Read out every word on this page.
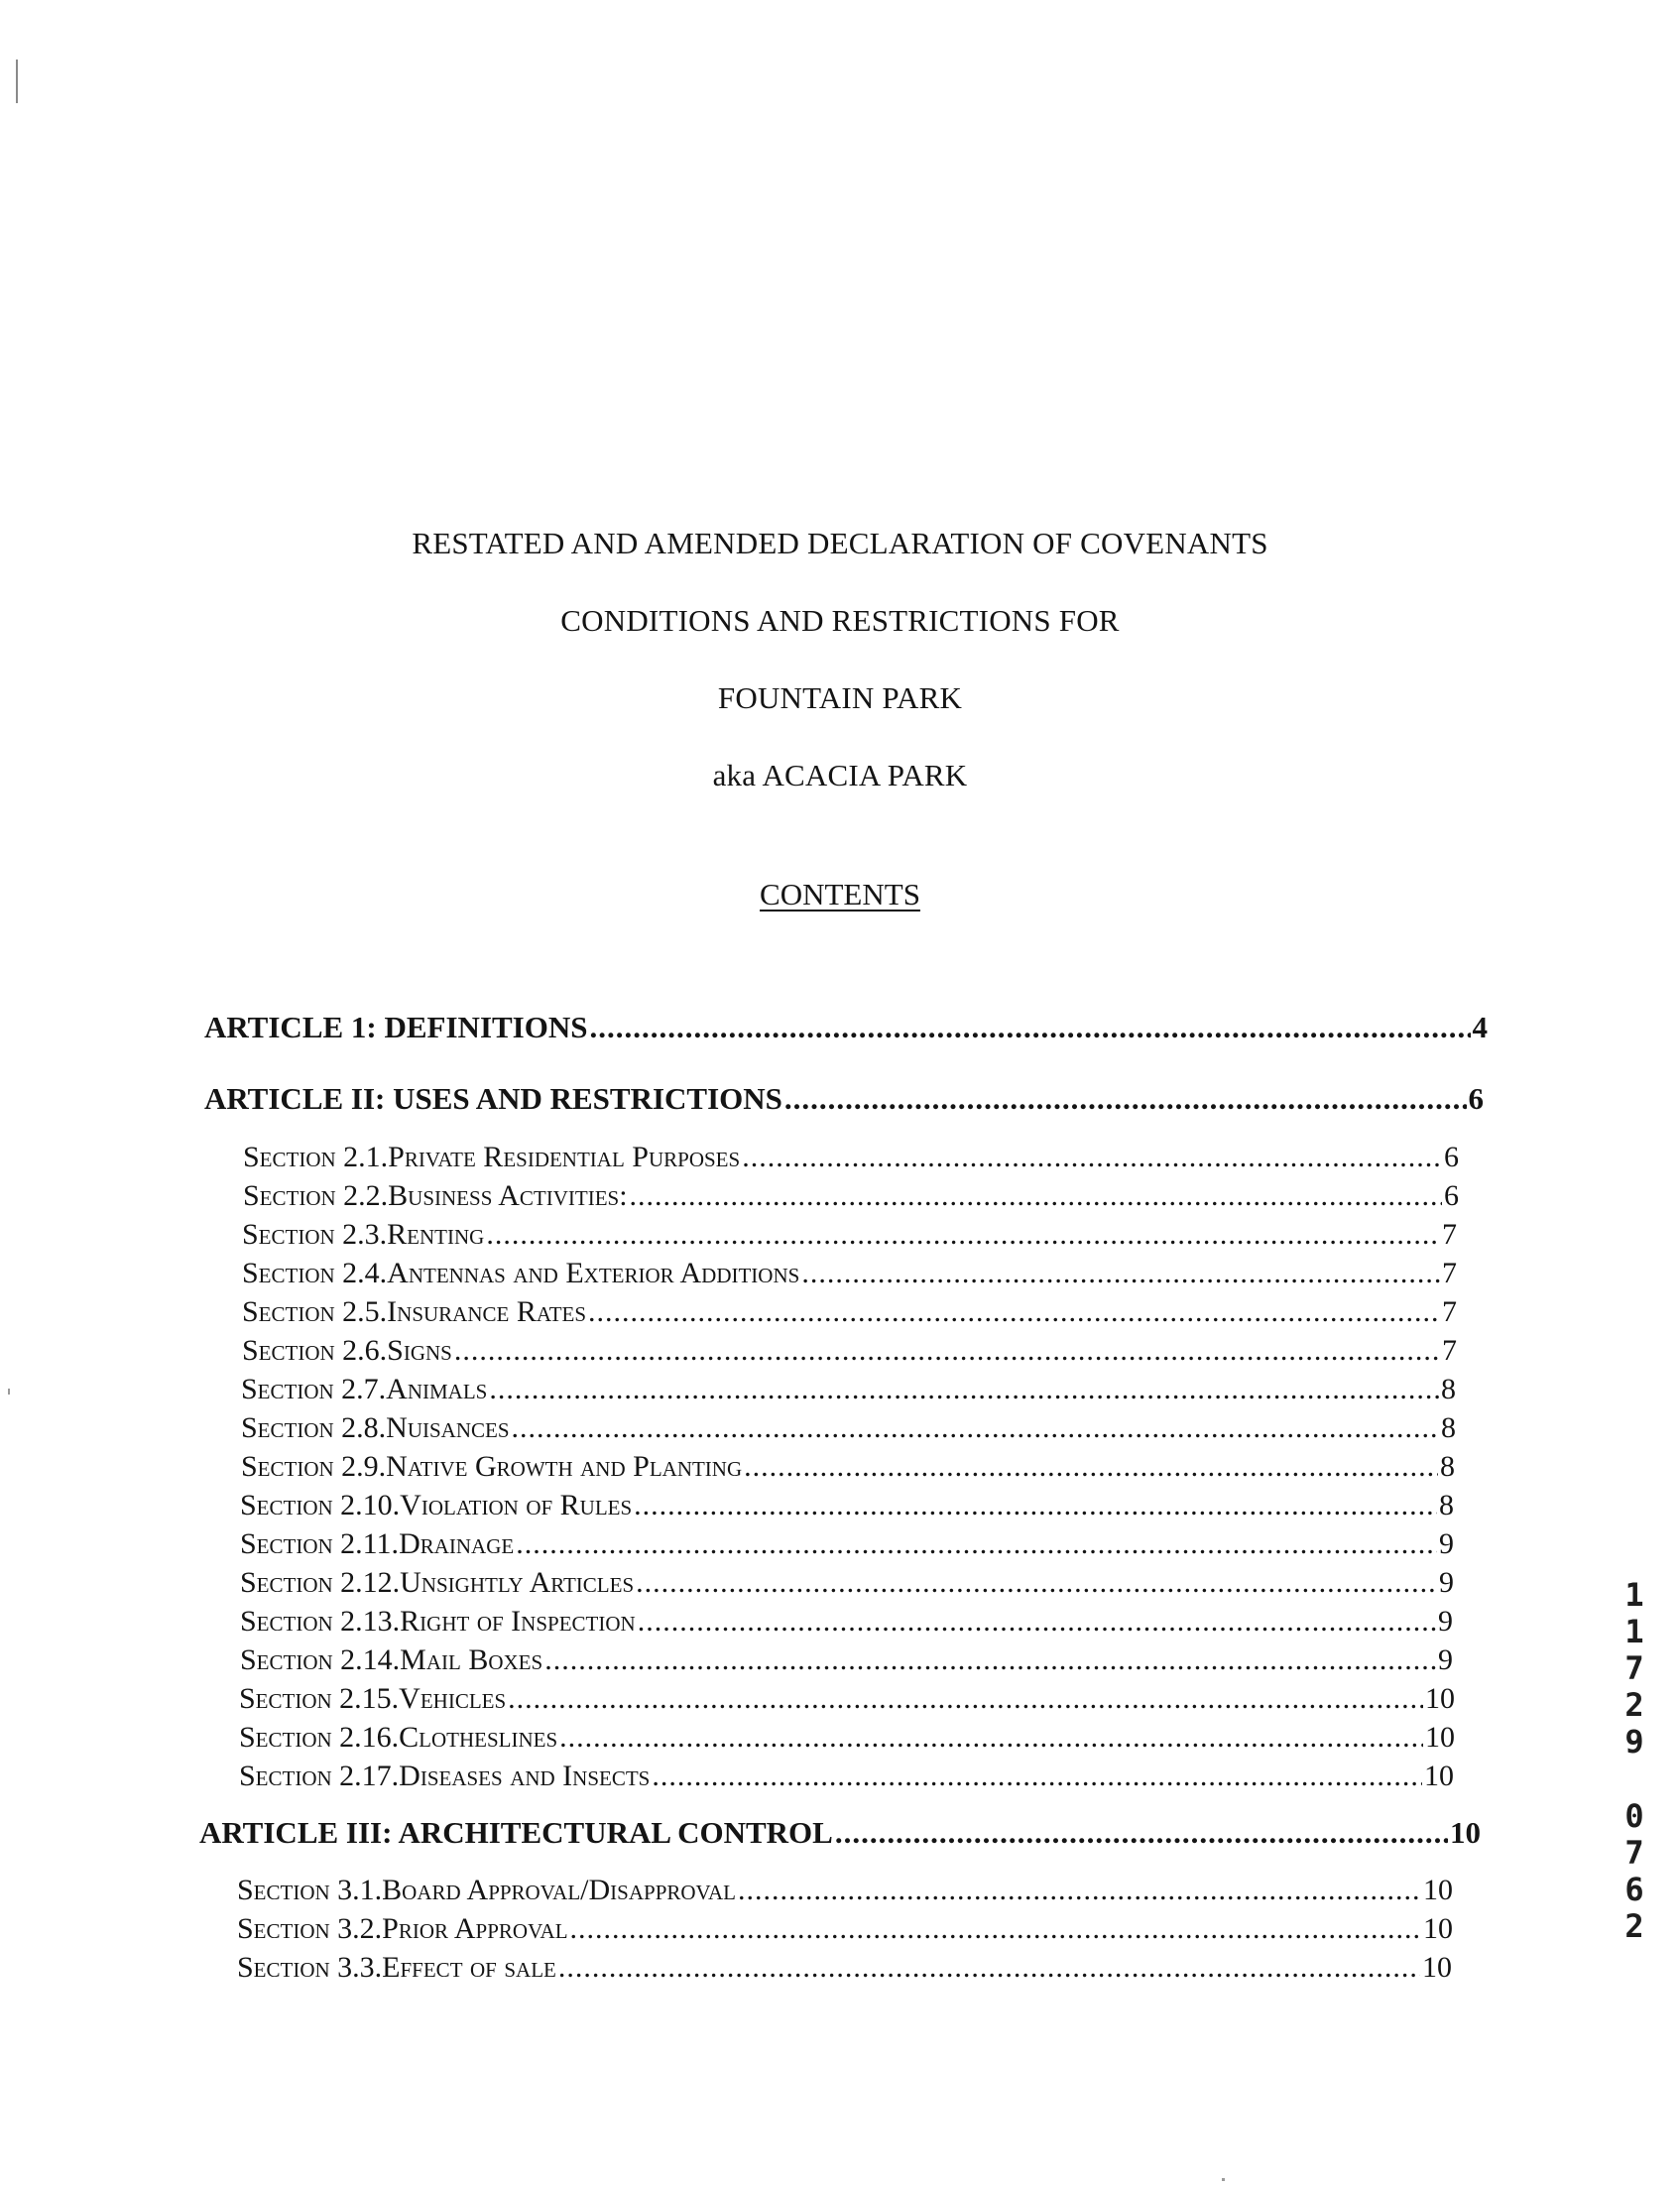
RESTATED AND AMENDED DECLARATION OF COVENANTS
CONDITIONS AND RESTRICTIONS FOR
FOUNTAIN PARK
aka ACACIA PARK
CONTENTS
ARTICLE 1: DEFINITIONS .....	4
ARTICLE II: USES AND RESTRICTIONS .....	6
Section 2.1. Private Residential Purposes .....	6
Section 2.2. Business Activities: .....	6
Section 2.3. Renting .....	7
Section 2.4. Antennas and Exterior Additions .....	7
Section 2.5. Insurance Rates .....	7
Section 2.6. Signs .....	7
Section 2.7. Animals .....	8
Section 2.8. Nuisances .....	8
Section 2.9. Native Growth and Planting .....	8
Section 2.10. Violation of Rules .....	8
Section 2.11. Drainage .....	9
Section 2.12. Unsightly Articles .....	9
Section 2.13. Right of Inspection .....	9
Section 2.14. Mail Boxes .....	9
Section 2.15. Vehicles .....	10
Section 2.16. Clotheslines .....	10
Section 2.17. Diseases and Insects .....	10
ARTICLE III: ARCHITECTURAL CONTROL .....	10
Section 3.1. Board Approval/Disapproval .....	10
Section 3.2. Prior Approval .....	10
Section 3.3. Effect of sale .....	10
1
1
7
2
9
0
7
6
2
